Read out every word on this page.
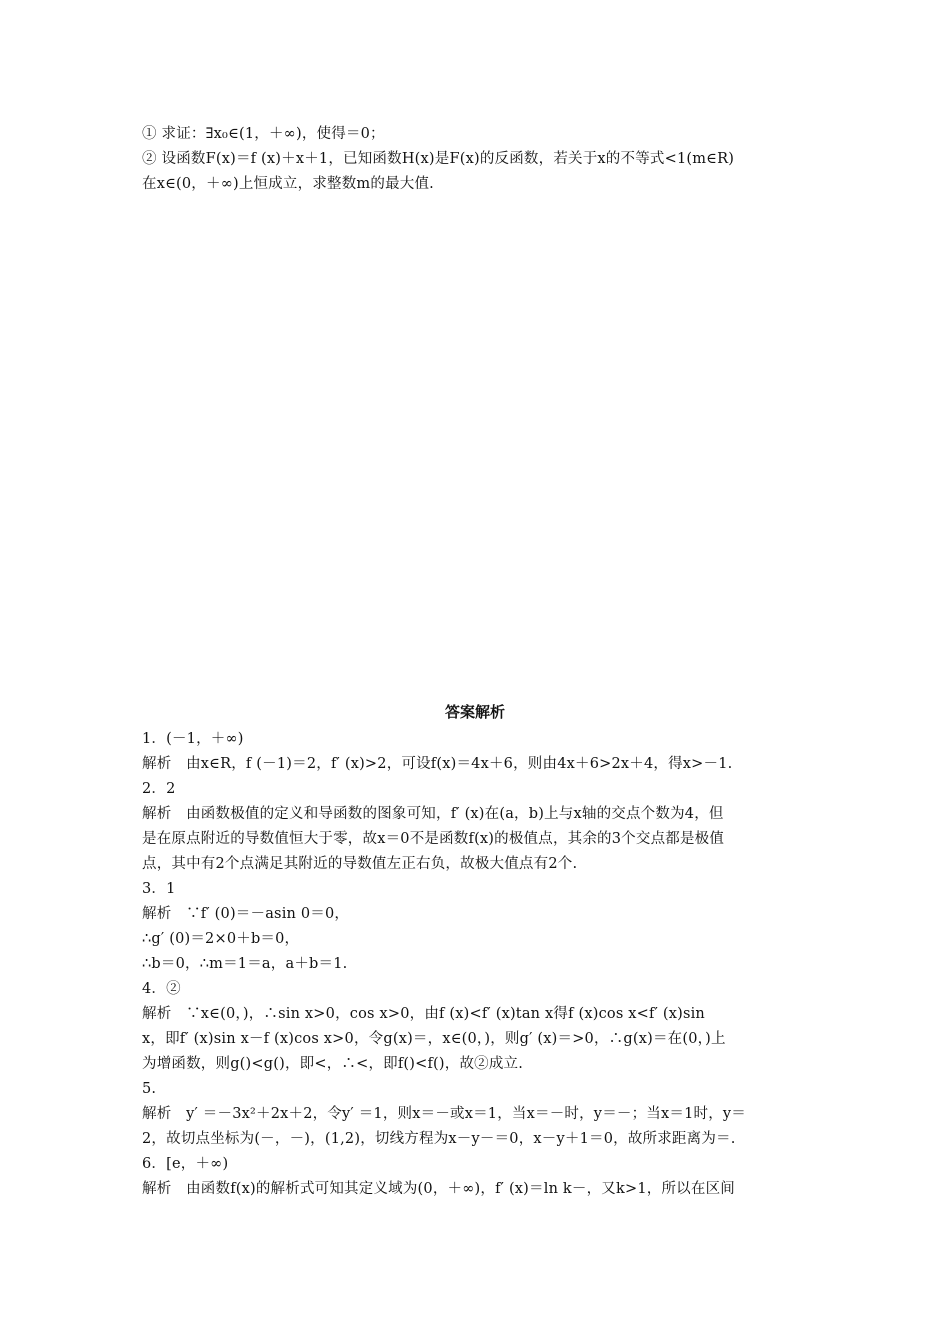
① 求证：∃x₀∈(1，＋∞)，使得＝0；
② 设函数F(x)＝f (x)＋x＋1，已知函数H(x)是F(x)的反函数，若关于x的不等式<1(m∈R)
在x∈(0，＋∞)上恒成立，求整数m的最大值.
答案解析
1．(－1，＋∞)
解析　由x∈R，f (－1)＝2，f′ (x)>2，可设f(x)＝4x＋6，则由4x＋6>2x＋4，得x>－1.
2．2
解析　由函数极值的定义和导函数的图象可知，f′ (x)在(a，b)上与x轴的交点个数为4，但
是在原点附近的导数值恒大于零，故x＝0不是函数f(x)的极值点，其余的3个交点都是极值
点，其中有2个点满足其附近的导数值左正右负，故极大值点有2个.
3．1
解析　∵f′ (0)＝－asin 0＝0，
∴g′ (0)＝2×0＋b＝0，
∴b＝0，∴m＝1＝a，a＋b＝1.
4．②
解析　∵x∈(0，)，∴sin x>0，cos x>0，由f (x)<f′ (x)tan x得f (x)cos x<f′ (x)sin
x，即f′ (x)sin x－f (x)cos x>0，令g(x)＝，x∈(0，)，则g′ (x)＝>0，∴g(x)＝在(0，)上
为增函数，则g()<g()，即<，∴<，即f()<f()，故②成立.
5.
解析　y′ ＝－3x²＋2x＋2，令y′ ＝1，则x＝－或x＝1，当x＝－时，y＝－；当x＝1时，y＝
2，故切点坐标为(－，－)，(1,2)，切线方程为x－y－＝0，x－y＋1＝0，故所求距离为＝.
6．[e，＋∞)
解析　由函数f(x)的解析式可知其定义域为(0，＋∞)，f′ (x)＝ln k－，又k>1，所以在区间
